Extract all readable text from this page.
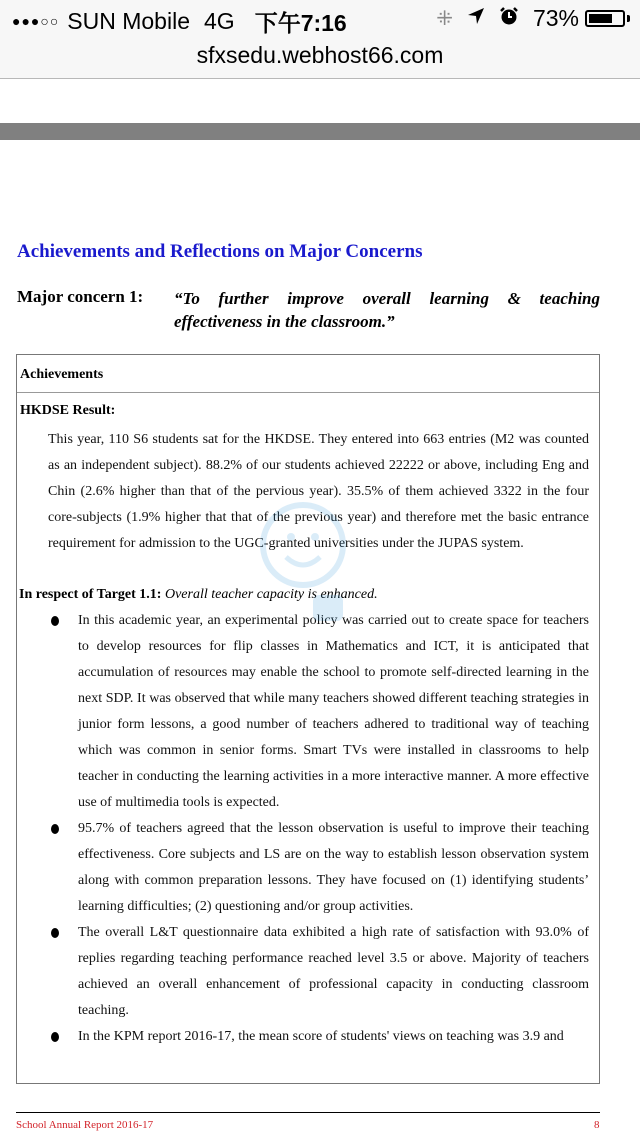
●●●○○ SUN Mobile 4G 下午7:16	⁜	73%
sfxsedu.webhost66.com
Achievements and Reflections on Major Concerns
Major concern 1: “To further improve overall learning & teaching
effectiveness in the classroom.”
Achievements
HKDSE Result:
This year, 110 S6 students sat for the HKDSE. They entered into 663 entries (M2 was counted as an independent subject). 88.2% of our students achieved 22222 or above, including Eng and Chin (2.6% higher than that of the pervious year). 35.5% of them achieved 3322 in the four core-subjects (1.9% higher that that of the previous year) and therefore met the basic entrance requirement for admission to the UGC-granted universities under the JUPAS system.
In respect of Target 1.1: Overall teacher capacity is enhanced.
In this academic year, an experimental policy was carried out to create space for teachers to develop resources for flip classes in Mathematics and ICT, it is anticipated that accumulation of resources may enable the school to promote self-directed learning in the next SDP. It was observed that while many teachers showed different teaching strategies in junior form lessons, a good number of teachers adhered to traditional way of teaching which was common in senior forms. Smart TVs were installed in classrooms to help teacher in conducting the learning activities in a more interactive manner. A more effective use of multimedia tools is expected.
95.7% of teachers agreed that the lesson observation is useful to improve their teaching effectiveness. Core subjects and LS are on the way to establish lesson observation system along with common preparation lessons. They have focused on (1) identifying students’ learning difficulties; (2) questioning and/or group activities.
The overall L&T questionnaire data exhibited a high rate of satisfaction with 93.0% of replies regarding teaching performance reached level 3.5 or above. Majority of teachers achieved an overall enhancement of professional capacity in conducting classroom teaching.
In the KPM report 2016-17, the mean score of students' views on teaching was 3.9 and
School Annual Report 2016-17	8
